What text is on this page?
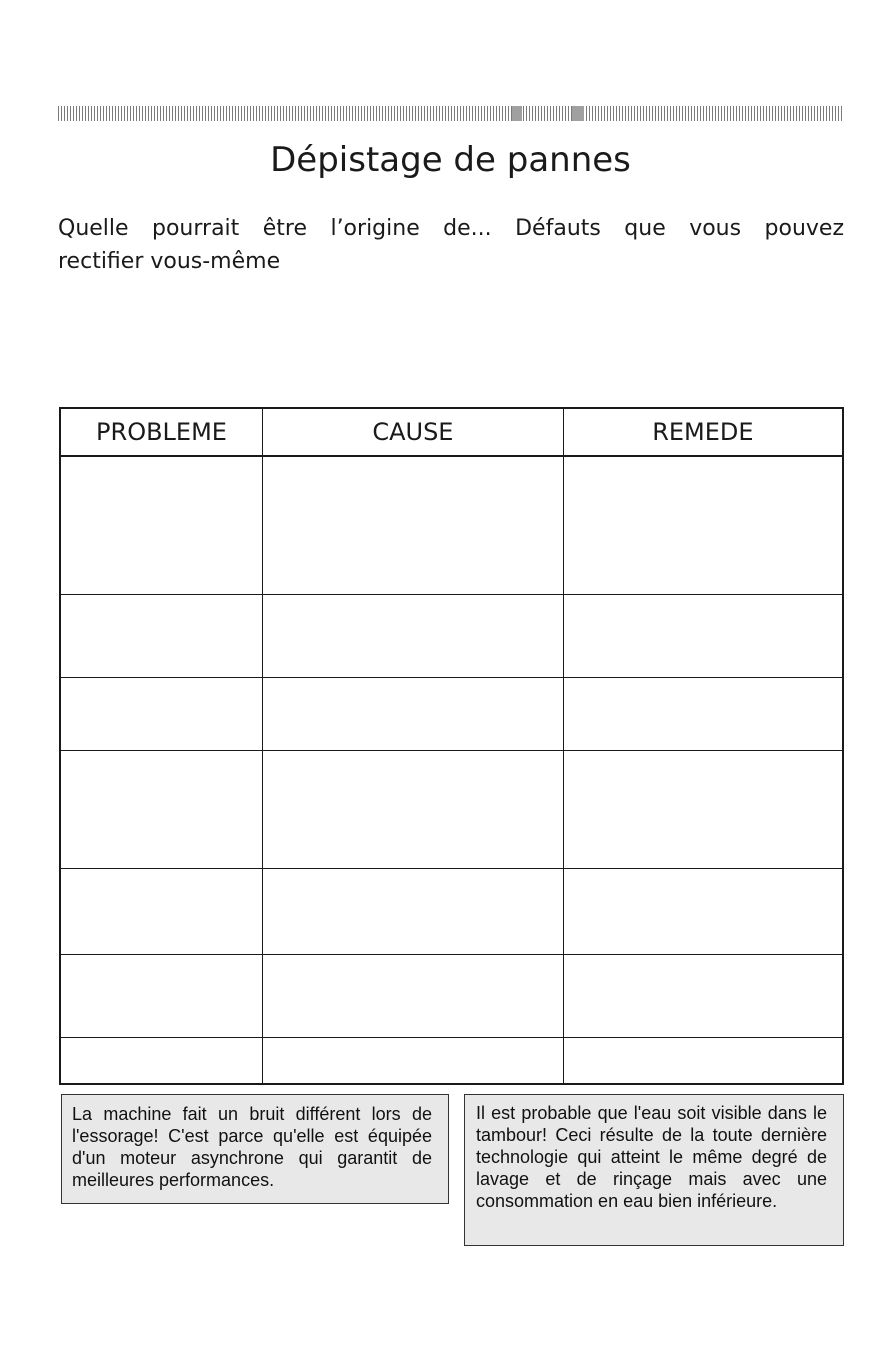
Dépistage de pannes

Quelle pourrait être l’origine de... Défauts que vous pouvez
rectifier vous-même

PROBLEME	CAUSE	REMEDE

La machine fait un bruit différent lors de l'essorage! C'est parce qu'elle est équipée d'un moteur asynchrone qui garantit de meilleures performances.
Il est probable que l'eau soit visible dans le tambour! Ceci résulte de la toute dernière technologie qui atteint le même degré de lavage et de rinçage mais avec une consommation en eau bien inférieure.
